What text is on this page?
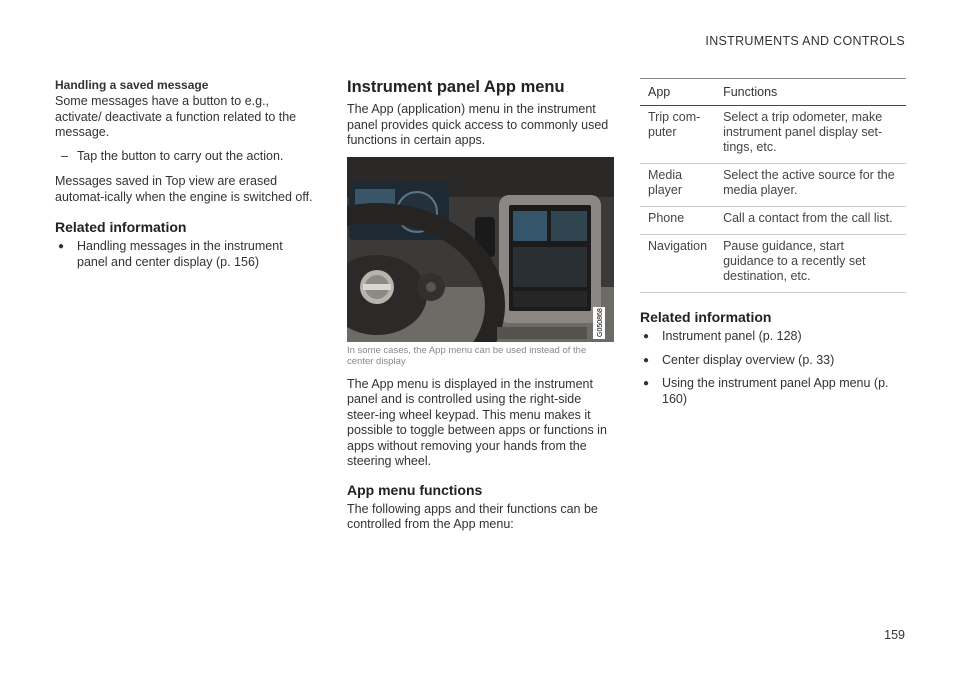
INSTRUMENTS AND CONTROLS
Handling a saved message

Some messages have a button to e.g., activate/ deactivate a function related to the message.

– Tap the button to carry out the action.

Messages saved in Top view are erased automat-ically when the engine is switched off.

Related information
● Handling messages in the instrument panel and center display (p. 156)
Instrument panel App menu

The App (application) menu in the instrument panel provides quick access to commonly used functions in certain apps.

G050868
In some cases, the App menu can be used instead of the center display

The App menu is displayed in the instrument panel and is controlled using the right-side steer-ing wheel keypad. This menu makes it possible to toggle between apps or functions in apps without removing your hands from the steering wheel.

App menu functions

The following apps and their functions can be controlled from the App menu:

App	Functions
Trip com-puter	Select a trip odometer, make instrument panel display set-tings, etc.
Media player	Select the active source for the media player.
Phone	Call a contact from the call list.
Navigation	Pause guidance, start guidance to a recently set destination, etc.
Related information
● Instrument panel (p. 128)
● Center display overview (p. 33)
● Using the instrument panel App menu (p. 160)
159
